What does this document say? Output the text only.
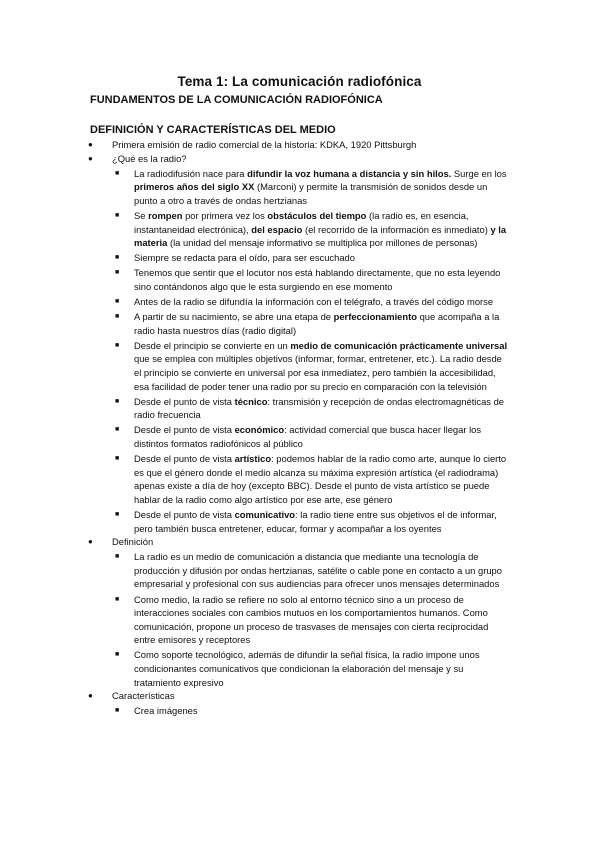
Tema 1: La comunicación radiofónica
FUNDAMENTOS DE LA COMUNICACIÓN RADIOFÓNICA
DEFINICIÓN Y CARACTERÍSTICAS DEL MEDIO
●	Primera emisión de radio comercial de la historia: KDKA, 1920 Pittsburgh
●	¿Qué es la radio?
■	La radiodifusión nace para difundir la voz humana a distancia y sin hilos. Surge en los primeros años del siglo XX (Marconi) y permite la transmisión de sonidos desde un punto a otro a través de ondas hertzianas
■	Se rompen por primera vez los obstáculos del tiempo (la radio es, en esencia, instantaneidad electrónica), del espacio (el recorrido de la información es inmediato) y la materia (la unidad del mensaje informativo se multiplica por millones de personas)
■	Siempre se redacta para el oído, para ser escuchado
■	Tenemos que sentir que el locutor nos está hablando directamente, que no esta leyendo sino contándonos algo que le esta surgiendo en ese momento
■	Antes de la radio se difundía la información con el telégrafo, a través del código morse
■	A partir de su nacimiento, se abre una etapa de perfeccionamiento que acompaña a la radio hasta nuestros días (radio digital)
■	Desde el principio se convierte en un medio de comunicación prácticamente universal que se emplea con múltiples objetivos (informar, formar, entretener, etc.). La radio desde el principio se convierte en universal por esa inmediatez, pero también la accesibilidad, esa facilidad de poder tener una radio por su precio en comparación con la televisión
■	Desde el punto de vista técnico: transmisión y recepción de ondas electromagnéticas de radio frecuencia
■	Desde el punto de vista económico: actividad comercial que busca hacer llegar los distintos formatos radiofónicos al público
■	Desde el punto de vista artístico: podemos hablar de la radio como arte, aunque lo cierto es que el género donde el medio alcanza su máxima expresión artística (el radiodrama) apenas existe a día de hoy (excepto BBC). Desde el punto de vista artístico se puede hablar de la radio como algo artístico por ese arte, ese género
■	Desde el punto de vista comunicativo: la radio tiene entre sus objetivos el de informar, pero también busca entretener, educar, formar y acompañar a los oyentes
●	Definición
■	La radio es un medio de comunicación a distancia que mediante una tecnología de producción y difusión por ondas hertzianas, satélite o cable pone en contacto a un grupo empresarial y profesional con sus audiencias para ofrecer unos mensajes determinados
■	Como medio, la radio se refiere no solo al entorno técnico sino a un proceso de interacciones sociales con cambios mutuos en los comportamientos humanos. Como comunicación, propone un proceso de trasvases de mensajes con cierta reciprocidad entre emisores y receptores
■	Como soporte tecnológico, además de difundir la señal física, la radio impone unos condicionantes comunicativos que condicionan la elaboración del mensaje y su tratamiento expresivo
●	Características
■	Crea imágenes
